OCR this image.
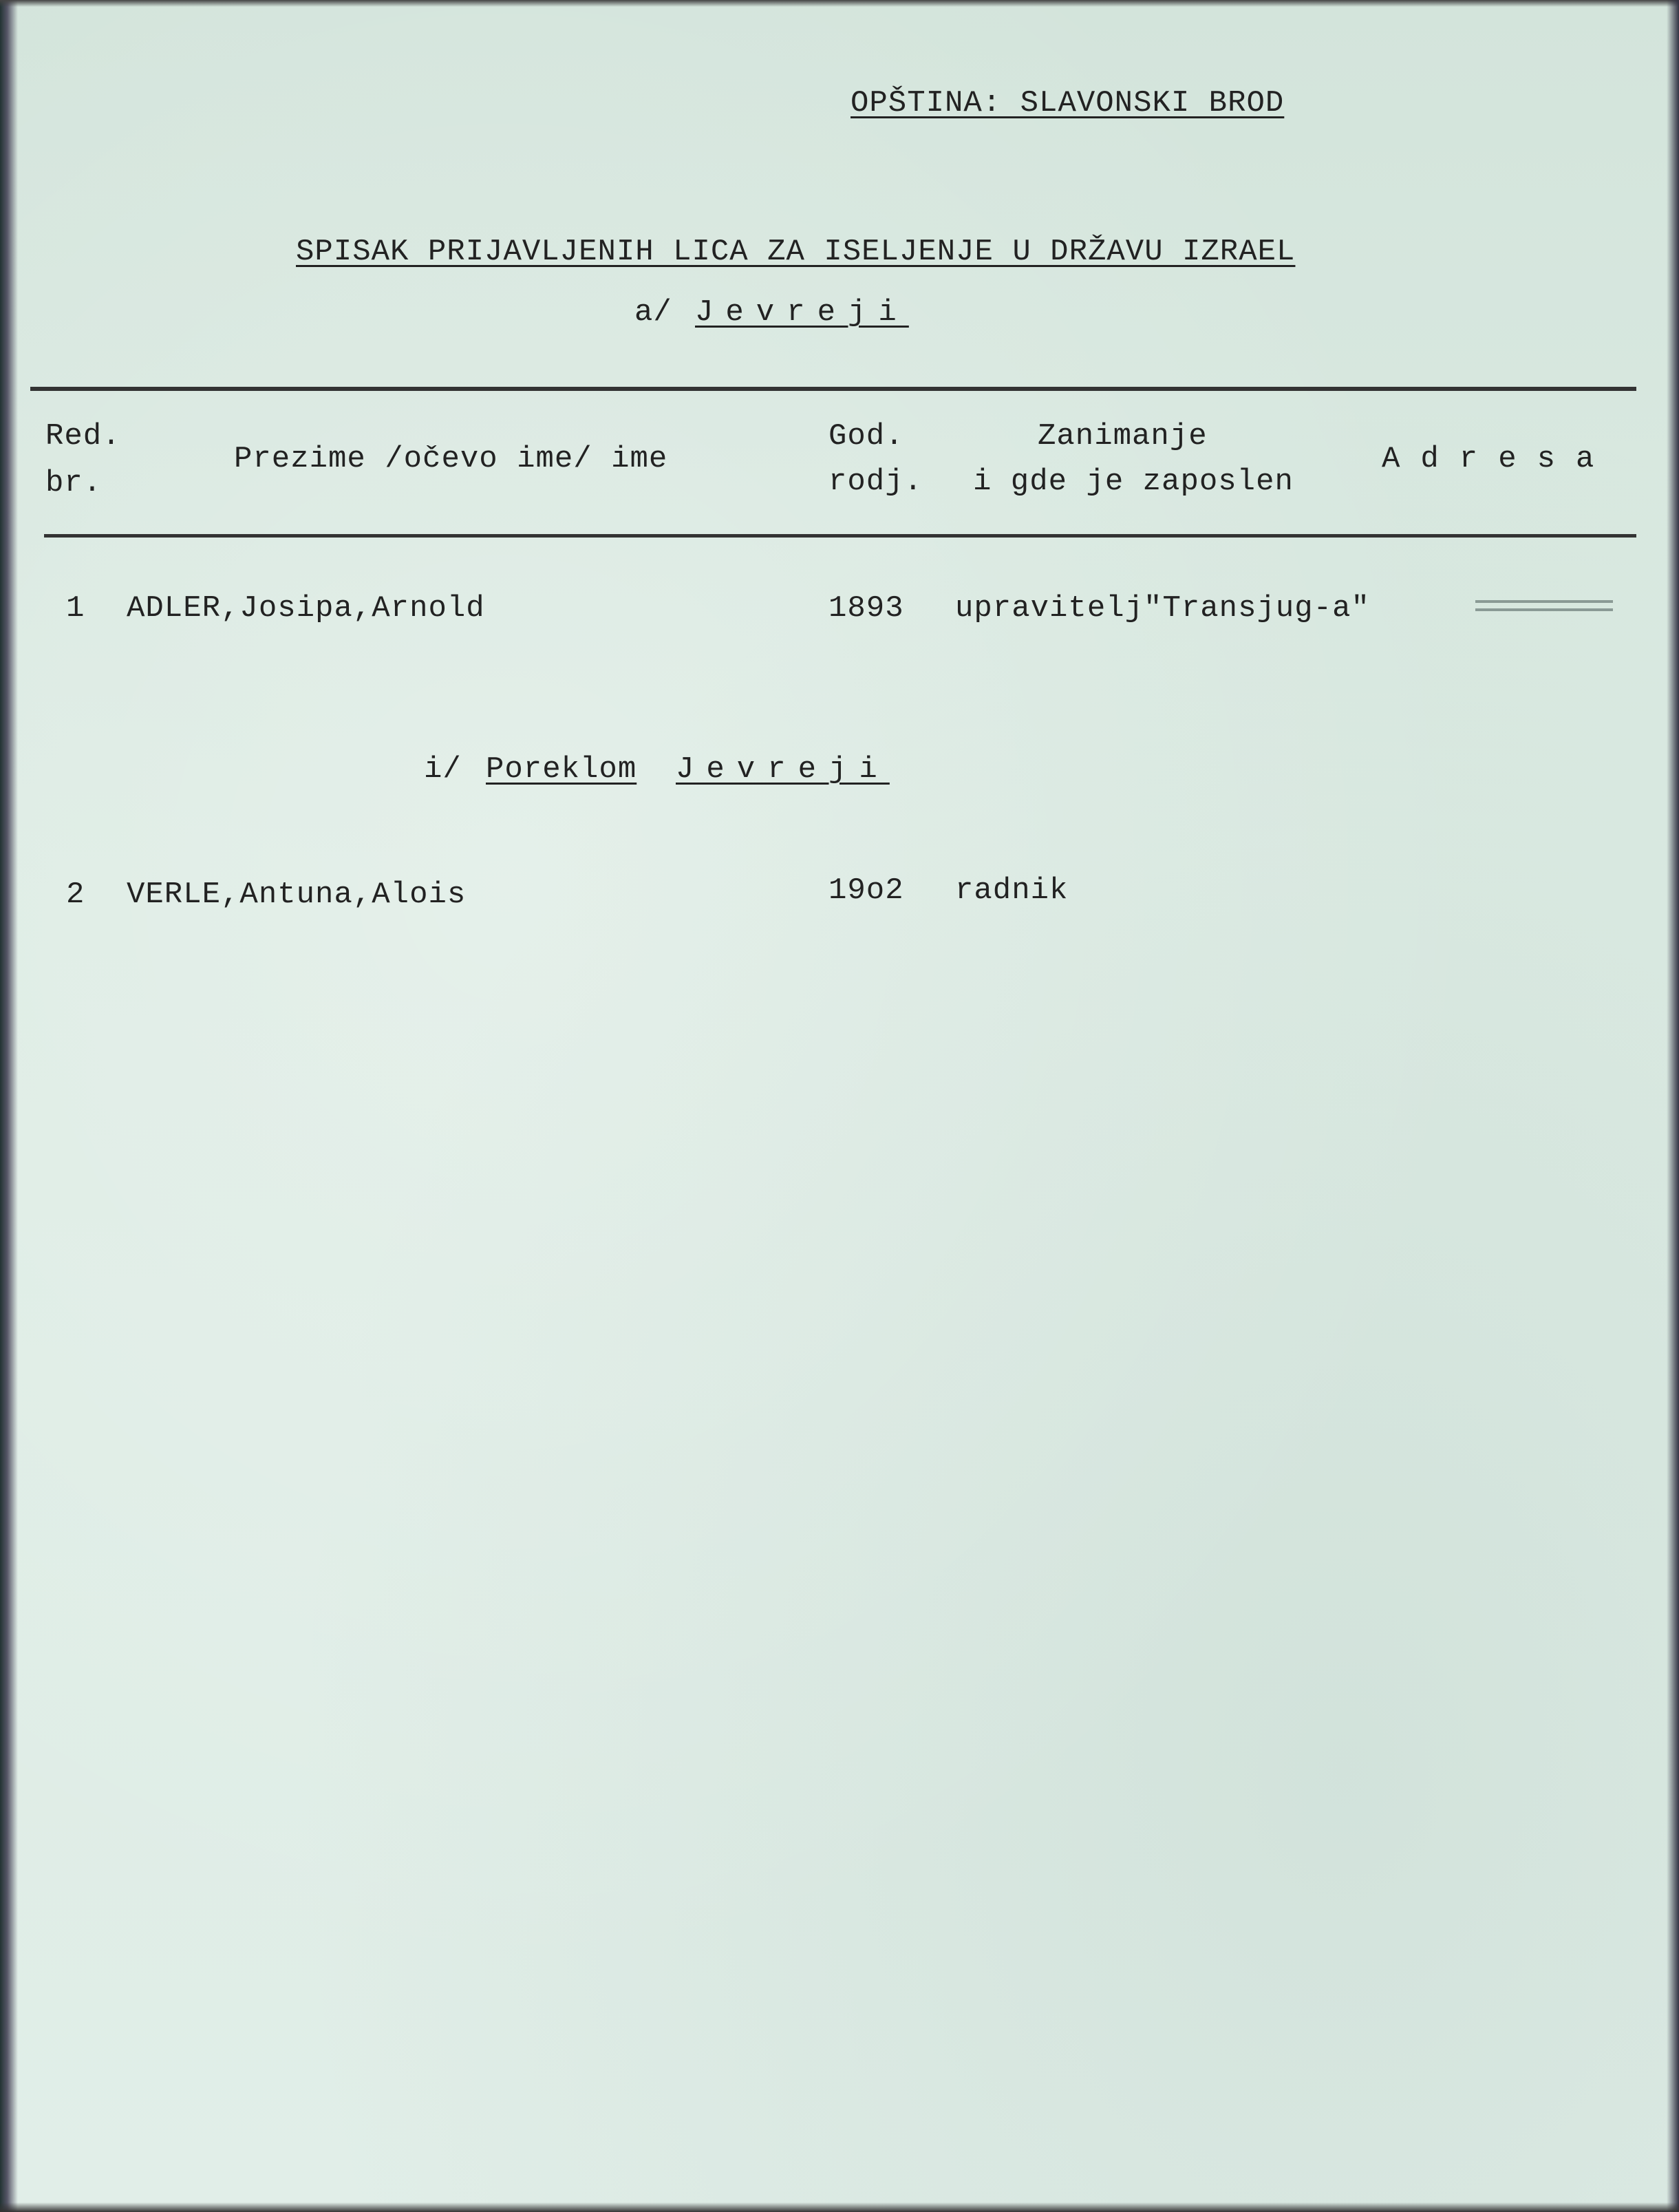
OPŠTINA: SLAVONSKI BROD
SPISAK PRIJAVLJENIH LICA ZA ISELJENJE U DRŽAVU IZRAEL
a/ Jevreji
Red.
br.
Prezime /očevo ime/ ime
God.
rodj.
Zanimanje
i gde je zaposlen
Adresa
1 ADLER,Josipa,Arnold	1893 upravitelj"Transjug-a"
i/ Poreklom Jevreji
2 VERLE,Antuna,Alois	19o2 radnik
